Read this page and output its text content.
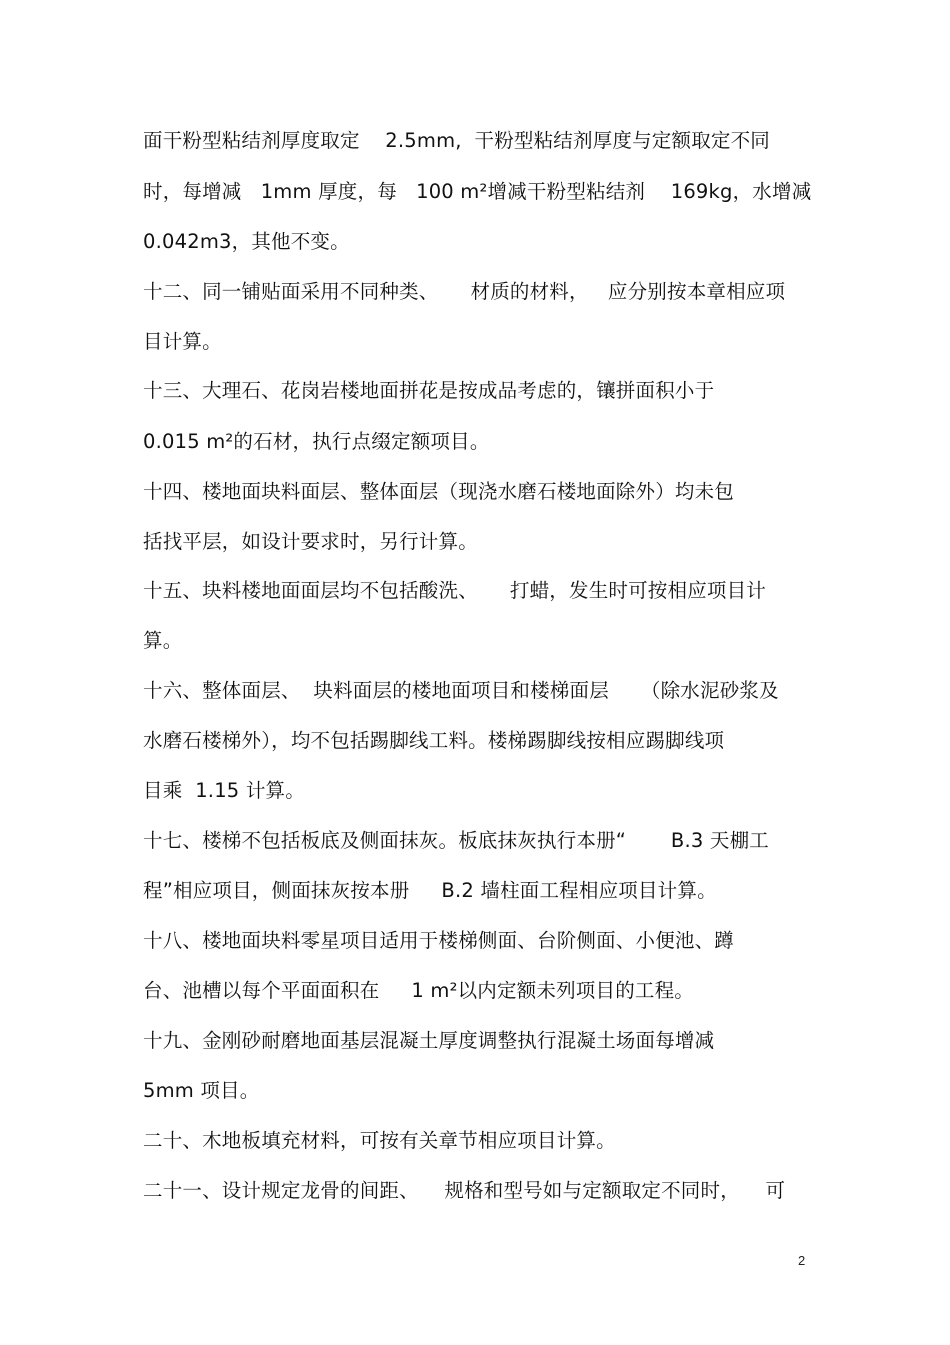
面干粉型粘结剂厚度取定    2.5mm,  干粉型粘结剂厚度与定额取定不同
时，每增减   1mm 厚度，每   100 m²增减干粉型粘结剂    169kg，水增减
0.042m3，其他不变。
十二、同一铺贴面采用不同种类、     材质的材料，   应分别按本章相应项
目计算。
十三、大理石、花岗岩楼地面拼花是按成品考虑的，镶拼面积小于
0.015 m²的石材，执行点缀定额项目。
十四、楼地面块料面层、整体面层（现浇水磨石楼地面除外）均未包
括找平层，如设计要求时，另行计算。
十五、块料楼地面面层均不包括酸洗、     打蜡，发生时可按相应项目计
算。
十六、整体面层、  块料面层的楼地面项目和楼梯面层     （除水泥砂浆及
水磨石楼梯外），均不包括踢脚线工料。楼梯踢脚线按相应踢脚线项
目乘  1.15 计算。
十七、楼梯不包括板底及侧面抹灰。板底抹灰执行本册“       B.3 天棚工
程”相应项目，侧面抹灰按本册     B.2 墙柱面工程相应项目计算。
十八、楼地面块料零星项目适用于楼梯侧面、台阶侧面、小便池、蹲
台、池槽以每个平面面积在     1 m²以内定额未列项目的工程。
十九、金刚砂耐磨地面基层混凝土厚度调整执行混凝土场面每增减
5mm 项目。
二十、木地板填充材料，可按有关章节相应项目计算。
二十一、设计规定龙骨的间距、    规格和型号如与定额取定不同时，    可
2
